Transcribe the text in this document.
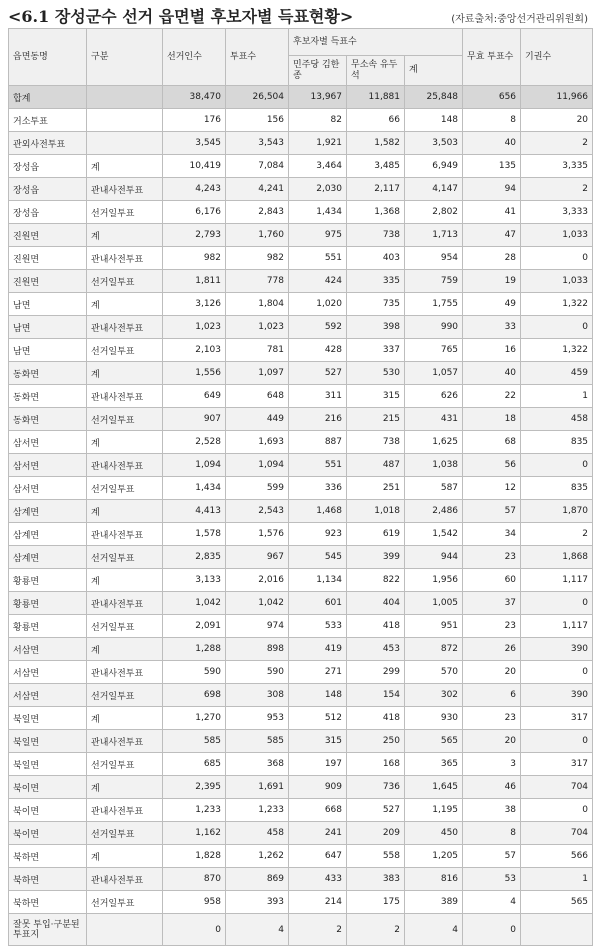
<6.1 장성군수 선거 읍면별 후보자별 득표현황>	(자료출처:중앙선거관리위원회)
읍면동명	구분	선거인수	투표수	후보자별 득표수			무효 투표수	기권수
				민주당 김한종	무소속 유두석	계		
합계		38,470	26,504	13,967	11,881	25,848	656	11,966
거소투표		176	156	82	66	148	8	20
관외사전투표		3,545	3,543	1,921	1,582	3,503	40	2
장성읍	계	10,419	7,084	3,464	3,485	6,949	135	3,335
장성읍	관내사전투표	4,243	4,241	2,030	2,117	4,147	94	2
장성읍	선거일투표	6,176	2,843	1,434	1,368	2,802	41	3,333
진원면	계	2,793	1,760	975	738	1,713	47	1,033
진원면	관내사전투표	982	982	551	403	954	28	0
진원면	선거일투표	1,811	778	424	335	759	19	1,033
남면	계	3,126	1,804	1,020	735	1,755	49	1,322
남면	관내사전투표	1,023	1,023	592	398	990	33	0
남면	선거일투표	2,103	781	428	337	765	16	1,322
동화면	계	1,556	1,097	527	530	1,057	40	459
동화면	관내사전투표	649	648	311	315	626	22	1
동화면	선거일투표	907	449	216	215	431	18	458
삼서면	계	2,528	1,693	887	738	1,625	68	835
삼서면	관내사전투표	1,094	1,094	551	487	1,038	56	0
삼서면	선거일투표	1,434	599	336	251	587	12	835
삼계면	계	4,413	2,543	1,468	1,018	2,486	57	1,870
삼계면	관내사전투표	1,578	1,576	923	619	1,542	34	2
삼계면	선거일투표	2,835	967	545	399	944	23	1,868
황룡면	계	3,133	2,016	1,134	822	1,956	60	1,117
황룡면	관내사전투표	1,042	1,042	601	404	1,005	37	0
황룡면	선거일투표	2,091	974	533	418	951	23	1,117
서삼면	계	1,288	898	419	453	872	26	390
서삼면	관내사전투표	590	590	271	299	570	20	0
서삼면	선거일투표	698	308	148	154	302	6	390
북일면	계	1,270	953	512	418	930	23	317
북일면	관내사전투표	585	585	315	250	565	20	0
북일면	선거일투표	685	368	197	168	365	3	317
북이면	계	2,395	1,691	909	736	1,645	46	704
북이면	관내사전투표	1,233	1,233	668	527	1,195	38	0
북이면	선거일투표	1,162	458	241	209	450	8	704
북하면	계	1,828	1,262	647	558	1,205	57	566
북하면	관내사전투표	870	869	433	383	816	53	1
북하면	선거일투표	958	393	214	175	389	4	565
잘못 투입·구분된 투표지		0	4	2	2	4	0	
